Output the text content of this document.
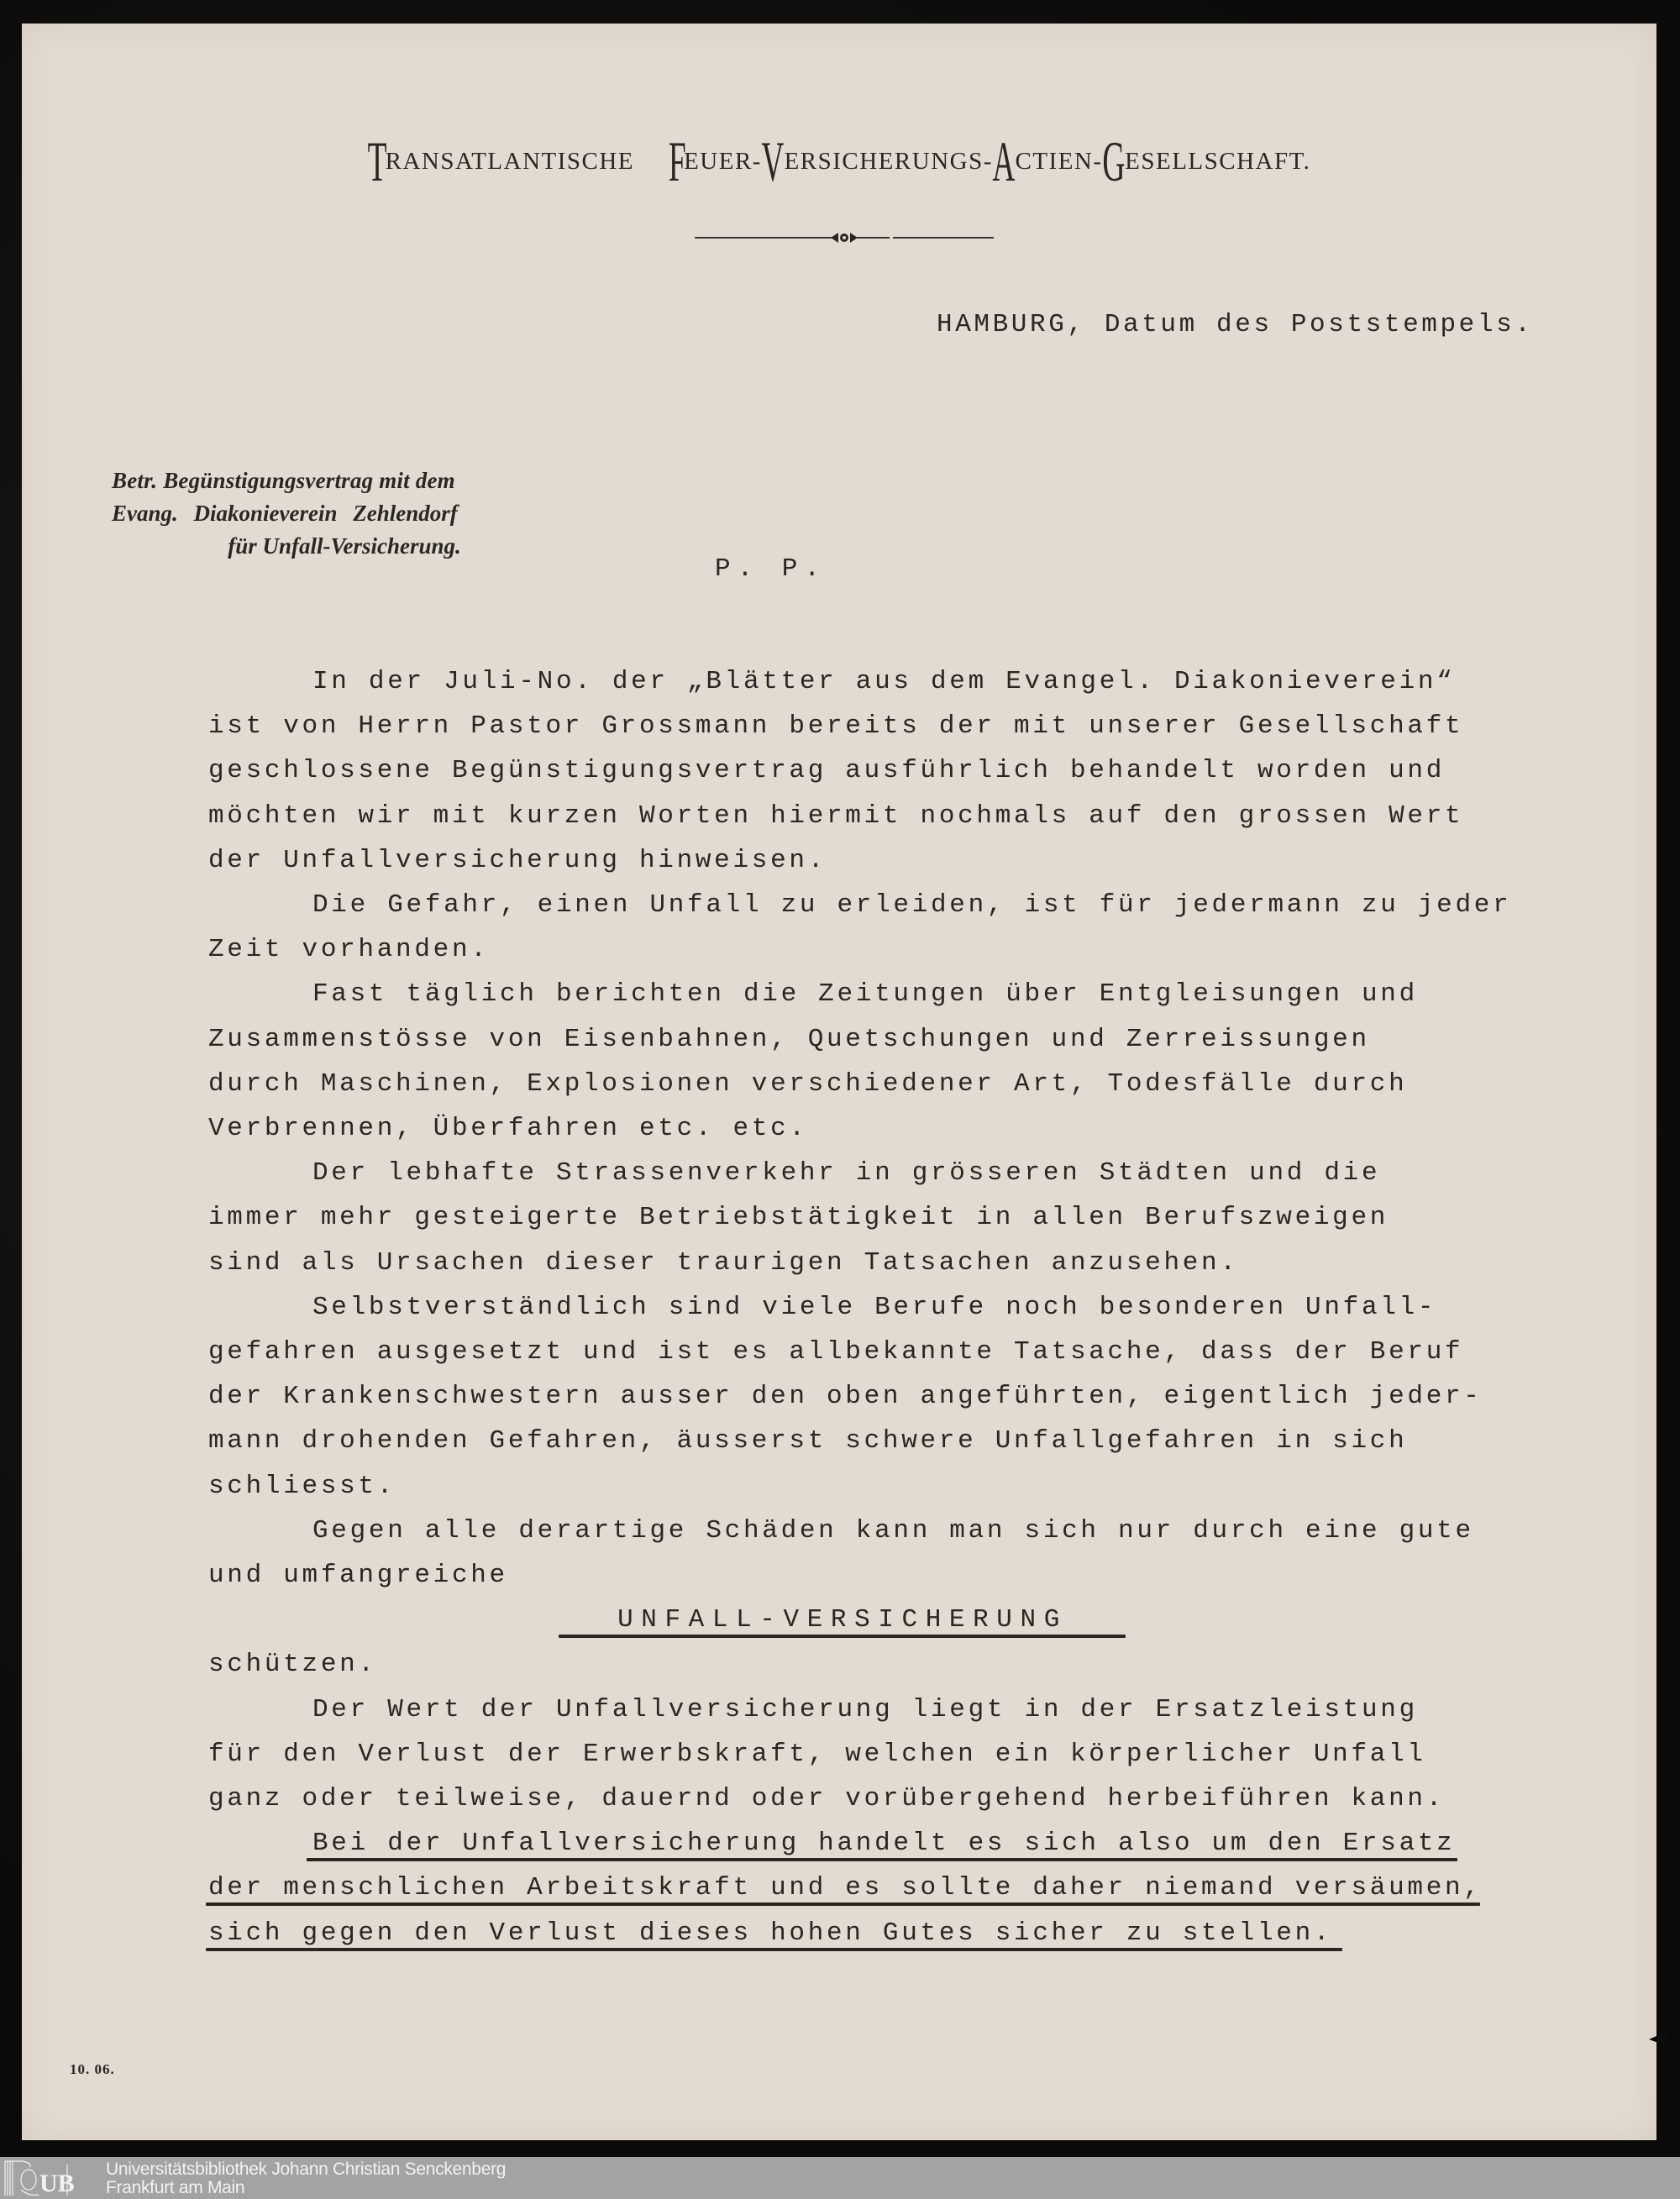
TRANSATLANTISCHE FEUER-VERSICHERUNGS-ACTIEN-GESELLSCHAFT.
HAMBURG, Datum des Poststempels.
Betr. Begünstigungsvertrag mit dem
Evang. Diakonieverein Zehlendorf
für Unfall-Versicherung.
P. P.
In der Juli-No. der „Blätter aus dem Evangel. Diakonieverein“
ist von Herrn Pastor Grossmann bereits der mit unserer Gesellschaft
geschlossene Begünstigungsvertrag ausführlich behandelt worden und
möchten wir mit kurzen Worten hiermit nochmals auf den grossen Wert
der Unfallversicherung hinweisen.
Die Gefahr, einen Unfall zu erleiden, ist für jedermann zu jeder
Zeit vorhanden.
Fast täglich berichten die Zeitungen über Entgleisungen und
Zusammenstösse von Eisenbahnen, Quetschungen und Zerreissungen
durch Maschinen, Explosionen verschiedener Art, Todesfälle durch
Verbrennen, Überfahren etc. etc.
Der lebhafte Strassenverkehr in grösseren Städten und die
immer mehr gesteigerte Betriebstätigkeit in allen Berufszweigen
sind als Ursachen dieser traurigen Tatsachen anzusehen.
Selbstverständlich sind viele Berufe noch besonderen Unfall-
gefahren ausgesetzt und ist es allbekannte Tatsache, dass der Beruf
der Krankenschwestern ausser den oben angeführten, eigentlich jeder-
mann drohenden Gefahren, äusserst schwere Unfallgefahren in sich
schliesst.
Gegen alle derartige Schäden kann man sich nur durch eine gute
und umfangreiche
UNFALL-VERSICHERUNG
schützen.
Der Wert der Unfallversicherung liegt in der Ersatzleistung
für den Verlust der Erwerbskraft, welchen ein körperlicher Unfall
ganz oder teilweise, dauernd oder vorübergehend herbeiführen kann.
Bei der Unfallversicherung handelt es sich also um den Ersatz
der menschlichen Arbeitskraft und es sollte daher niemand versäumen,
sich gegen den Verlust dieses hohen Gutes sicher zu stellen.
10. 06.
UB
Universitätsbibliothek Johann Christian Senckenberg
Frankfurt am Main
